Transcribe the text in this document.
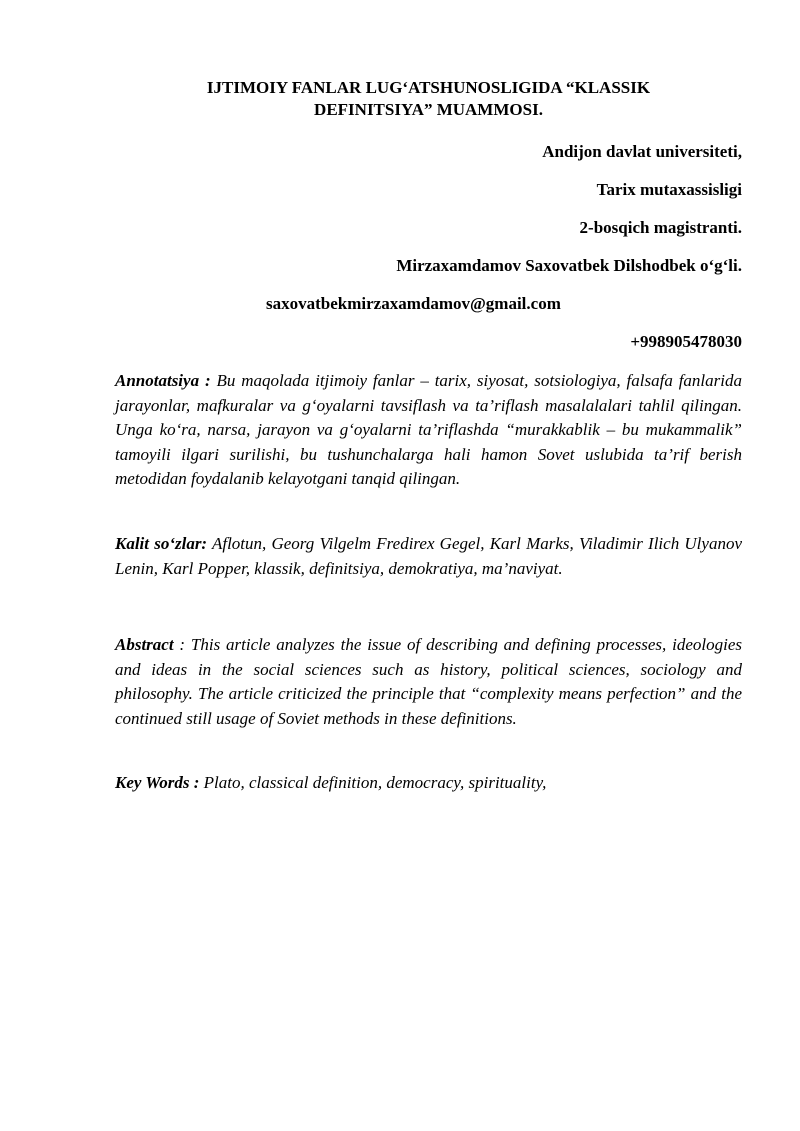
IJTIMOIY FANLAR LUG‘ATSHUNOSLIGIDA “KLASSIK
DEFINITSIYA” MUAMMOSI.
Andijon davlat universiteti,
Tarix mutaxassisligi
2-bosqich magistranti.
Mirzaxamdamov Saxovatbek Dilshodbek o‘g‘li.
saxovatbekmirzaxamdamov@gmail.com
+998905478030
Annotatsiya : Bu maqolada itjimoiy fanlar – tarix, siyosat, sotsiologiya, falsafa fanlarida jarayonlar, mafkuralar va g‘oyalarni tavsiflash va ta’riflash masalalalari tahlil qilingan. Unga ko‘ra, narsa, jarayon va g‘oyalarni ta’riflashda “murakkablik – bu mukammalik” tamoyili ilgari surilishi, bu tushunchalarga hali hamon Sovet uslubida ta’rif berish metodidan foydalanib kelayotgani tanqid qilingan.
Kalit so‘zlar: Aflotun, Georg Vilgelm Fredirex Gegel, Karl Marks, Viladimir Ilich Ulyanov Lenin, Karl Popper, klassik, definitsiya, demokratiya, ma’naviyat.
Abstract : This article analyzes the issue of describing and defining processes, ideologies and ideas in the social sciences such as history, political sciences, sociology and philosophy. The article criticized the principle that “complexity means perfection” and the continued still usage of Soviet methods in these definitions.
Key Words : Plato, classical definition, democracy, spirituality,
